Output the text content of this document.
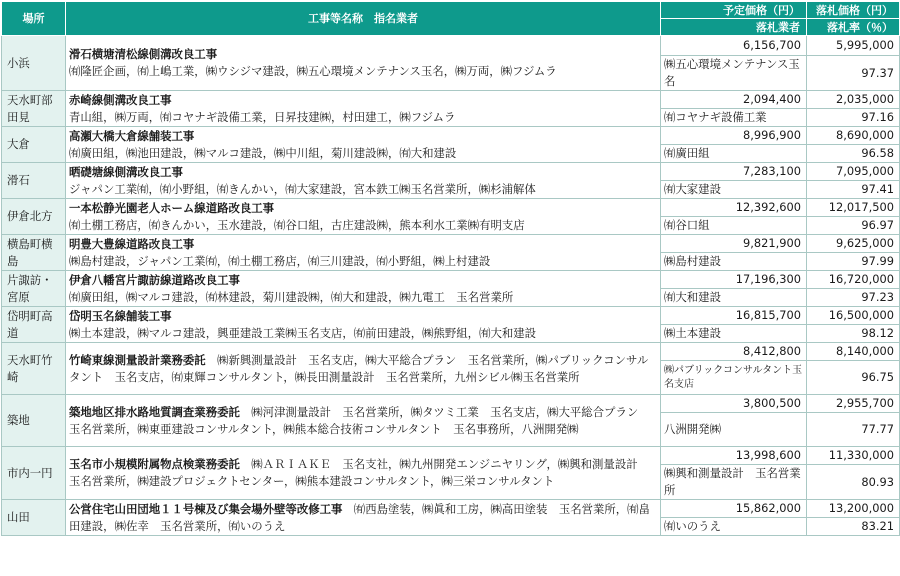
場所	工事等名称　指名業者	予定価格（円）	落札価格（円）
		落札業者	落札率（％）
小浜	滑石横塘清松線側溝改良工事
㈲隆匠企画，㈲上嶋工業，㈱ウシジマ建設，㈱五心環境メンテナンス玉名，㈱万両，㈱フジムラ	6,156,700	5,995,000
		㈱五心環境メンテナンス玉名	97.37
天水町部田見	赤崎線側溝改良工事
青山組，㈱万両，㈲コヤナギ設備工業，日昇技建㈱，村田建工，㈱フジムラ	2,094,400	2,035,000
		㈲コヤナギ設備工業	97.16
大倉	高瀬大橋大倉線舗装工事
㈲廣田組，㈱池田建設，㈱マルコ建設，㈱中川組，菊川建設㈱，㈲大和建設	8,996,900	8,690,000
		㈲廣田組	96.58
滑石	晒礎塘線側溝改良工事
ジャパン工業㈲，㈲小野組，㈲きんかい，㈲大家建設，宮本鉄工㈱玉名営業所，㈱杉浦解体	7,283,100	7,095,000
		㈲大家建設	97.41
伊倉北方	一本松静光園老人ホーム線道路改良工事
㈲土棚工務店，㈲きんかい，玉水建設，㈲谷口組，古庄建設㈱，熊本利水工業㈱有明支店	12,392,600	12,017,500
		㈲谷口組	96.97
横島町横島	明豊大豊線道路改良工事
㈱島村建設，ジャパン工業㈲，㈲土棚工務店，㈲三川建設，㈲小野組，㈱上村建設	9,821,900	9,625,000
		㈱島村建設	97.99
片諏訪・宮原	伊倉八幡宮片諏訪線道路改良工事
㈲廣田組，㈱マルコ建設，㈲林建設，菊川建設㈱，㈲大和建設，㈱九電工　玉名営業所	17,196,300	16,720,000
		㈲大和建設	97.23
岱明町高道	岱明玉名線舗装工事
㈱土本建設，㈱マルコ建設，興亜建設工業㈱玉名支店，㈲前田建設，㈱熊野組，㈲大和建設	16,815,700	16,500,000
		㈱土本建設	98.12
天水町竹崎	竹崎東線測量設計業務委託　 ㈱新興測量設計　玉名支店，㈱大平総合プラン　玉名営業所，㈱パブリックコンサルタント　玉名支店，㈲東輝コンサルタント，㈱長田測量設計　玉名営業所，九州シビル㈱玉名営業所	8,412,800	8,140,000
		㈱パブリックコンサルタント玉名支店	96.75
築地	築地地区排水路地質調査業務委託　 ㈱河津測量設計　玉名営業所，㈱タツミ工業　玉名支店，㈱大平総合プラン　玉名営業所，㈱東亜建設コンサルタント，㈱熊本総合技術コンサルタント　玉名事務所，八洲開発㈱	3,800,500	2,955,700
		八洲開発㈱	77.77
市内一円	玉名市小規模附属物点検業務委託　 ㈱ＡＲＩＡＫＥ　玉名支社，㈱九州開発エンジニヤリング，㈱興和測量設計　玉名営業所，㈱建設プロジェクトセンター，㈱熊本建設コンサルタント，㈱三栄コンサルタント	13,998,600	11,330,000
		㈱興和測量設計　玉名営業所	80.93
山田	公営住宅山田団地１１号棟及び集会場外壁等改修工事　 ㈲西島塗装，㈱眞和工房，㈱高田塗装　玉名営業所，㈲畠田建設，㈱佐幸　玉名営業所，㈲いのうえ	15,862,000	13,200,000
		㈲いのうえ	83.21
